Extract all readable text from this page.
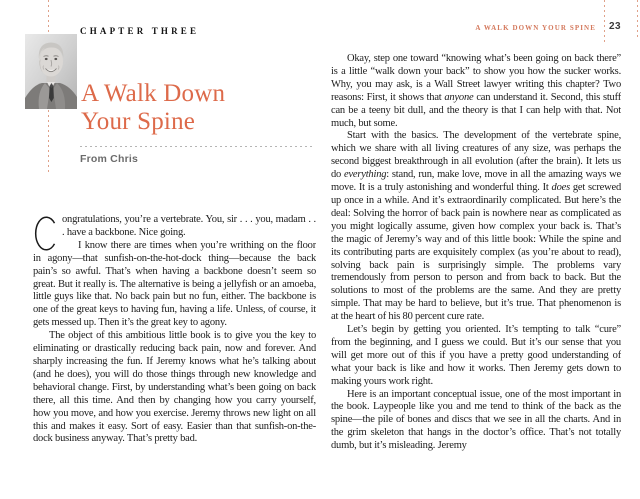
CHAPTER THREE
A Walk Down
Your Spine
From Chris

ongratulations, you’re a vertebrate. You, sir . . . you, madam . . . have a backbone. Nice going.

I know there are times when you’re writhing on the floor in agony—that sunfish-on-the-hot-dock thing—because the back pain’s so awful. That’s when having a backbone doesn’t seem so great. But it really is. The alternative is being a jellyfish or an amoeba, little guys like that. No back pain but no fun, either. The backbone is one of the great keys to having fun, having a life. Unless, of course, it gets messed up. Then it’s the great key to agony.

The object of this ambitious little book is to give you the key to eliminating or drastically reducing back pain, now and forever. And sharply increasing the fun. If Jeremy knows what he’s talking about (and he does), you will do those things through new knowledge and behavioral change. First, by understanding what’s been going on back there, all this time. And then by changing how you carry yourself, how you move, and how you exercise. Jeremy throws new light on all this and makes it easy. Sort of easy. Easier than that sunfish-on-the-dock business anyway. That’s pretty bad.

A WALK DOWN YOUR SPINE 23

Okay, step one toward “knowing what’s been going on back there” is a little “walk down your back” to show you how the sucker works. Why, you may ask, is a Wall Street lawyer writing this chapter? Two reasons: First, it shows that anyone can understand it. Second, this stuff can be a teeny bit dull, and the theory is that I can help with that. Not much, but some.

Start with the basics. The development of the vertebrate spine, which we share with all living creatures of any size, was perhaps the second biggest breakthrough in all evolution (after the brain). It lets us do everything: stand, run, make love, move in all the amazing ways we move. It is a truly astonishing and wonderful thing. It does get screwed up once in a while. And it’s extraordinarily complicated. But here’s the deal: Solving the horror of back pain is nowhere near as complicated as you might logically assume, given how complex your back is. That’s the magic of Jeremy’s way and of this little book: While the spine and its contributing parts are exquisitely complex (as you’re about to read), solving back pain is surprisingly simple. The problems vary tremendously from person to person and from back to back. But the solutions to most of the problems are the same. And they are pretty simple. That may be hard to believe, but it’s true. That phenomenon is at the heart of his 80 percent cure rate.

Let’s begin by getting you oriented. It’s tempting to talk “cure” from the beginning, and I guess we could. But it’s our sense that you will get more out of this if you have a pretty good understanding of what your back is like and how it works. Then Jeremy gets down to making yours work right.

Here is an important conceptual issue, one of the most important in the book. Laypeople like you and me tend to think of the back as the spine—the pile of bones and discs that we see in all the charts. And in the grim skeleton that hangs in the doctor’s office. That’s not totally dumb, but it’s misleading. Jeremy
